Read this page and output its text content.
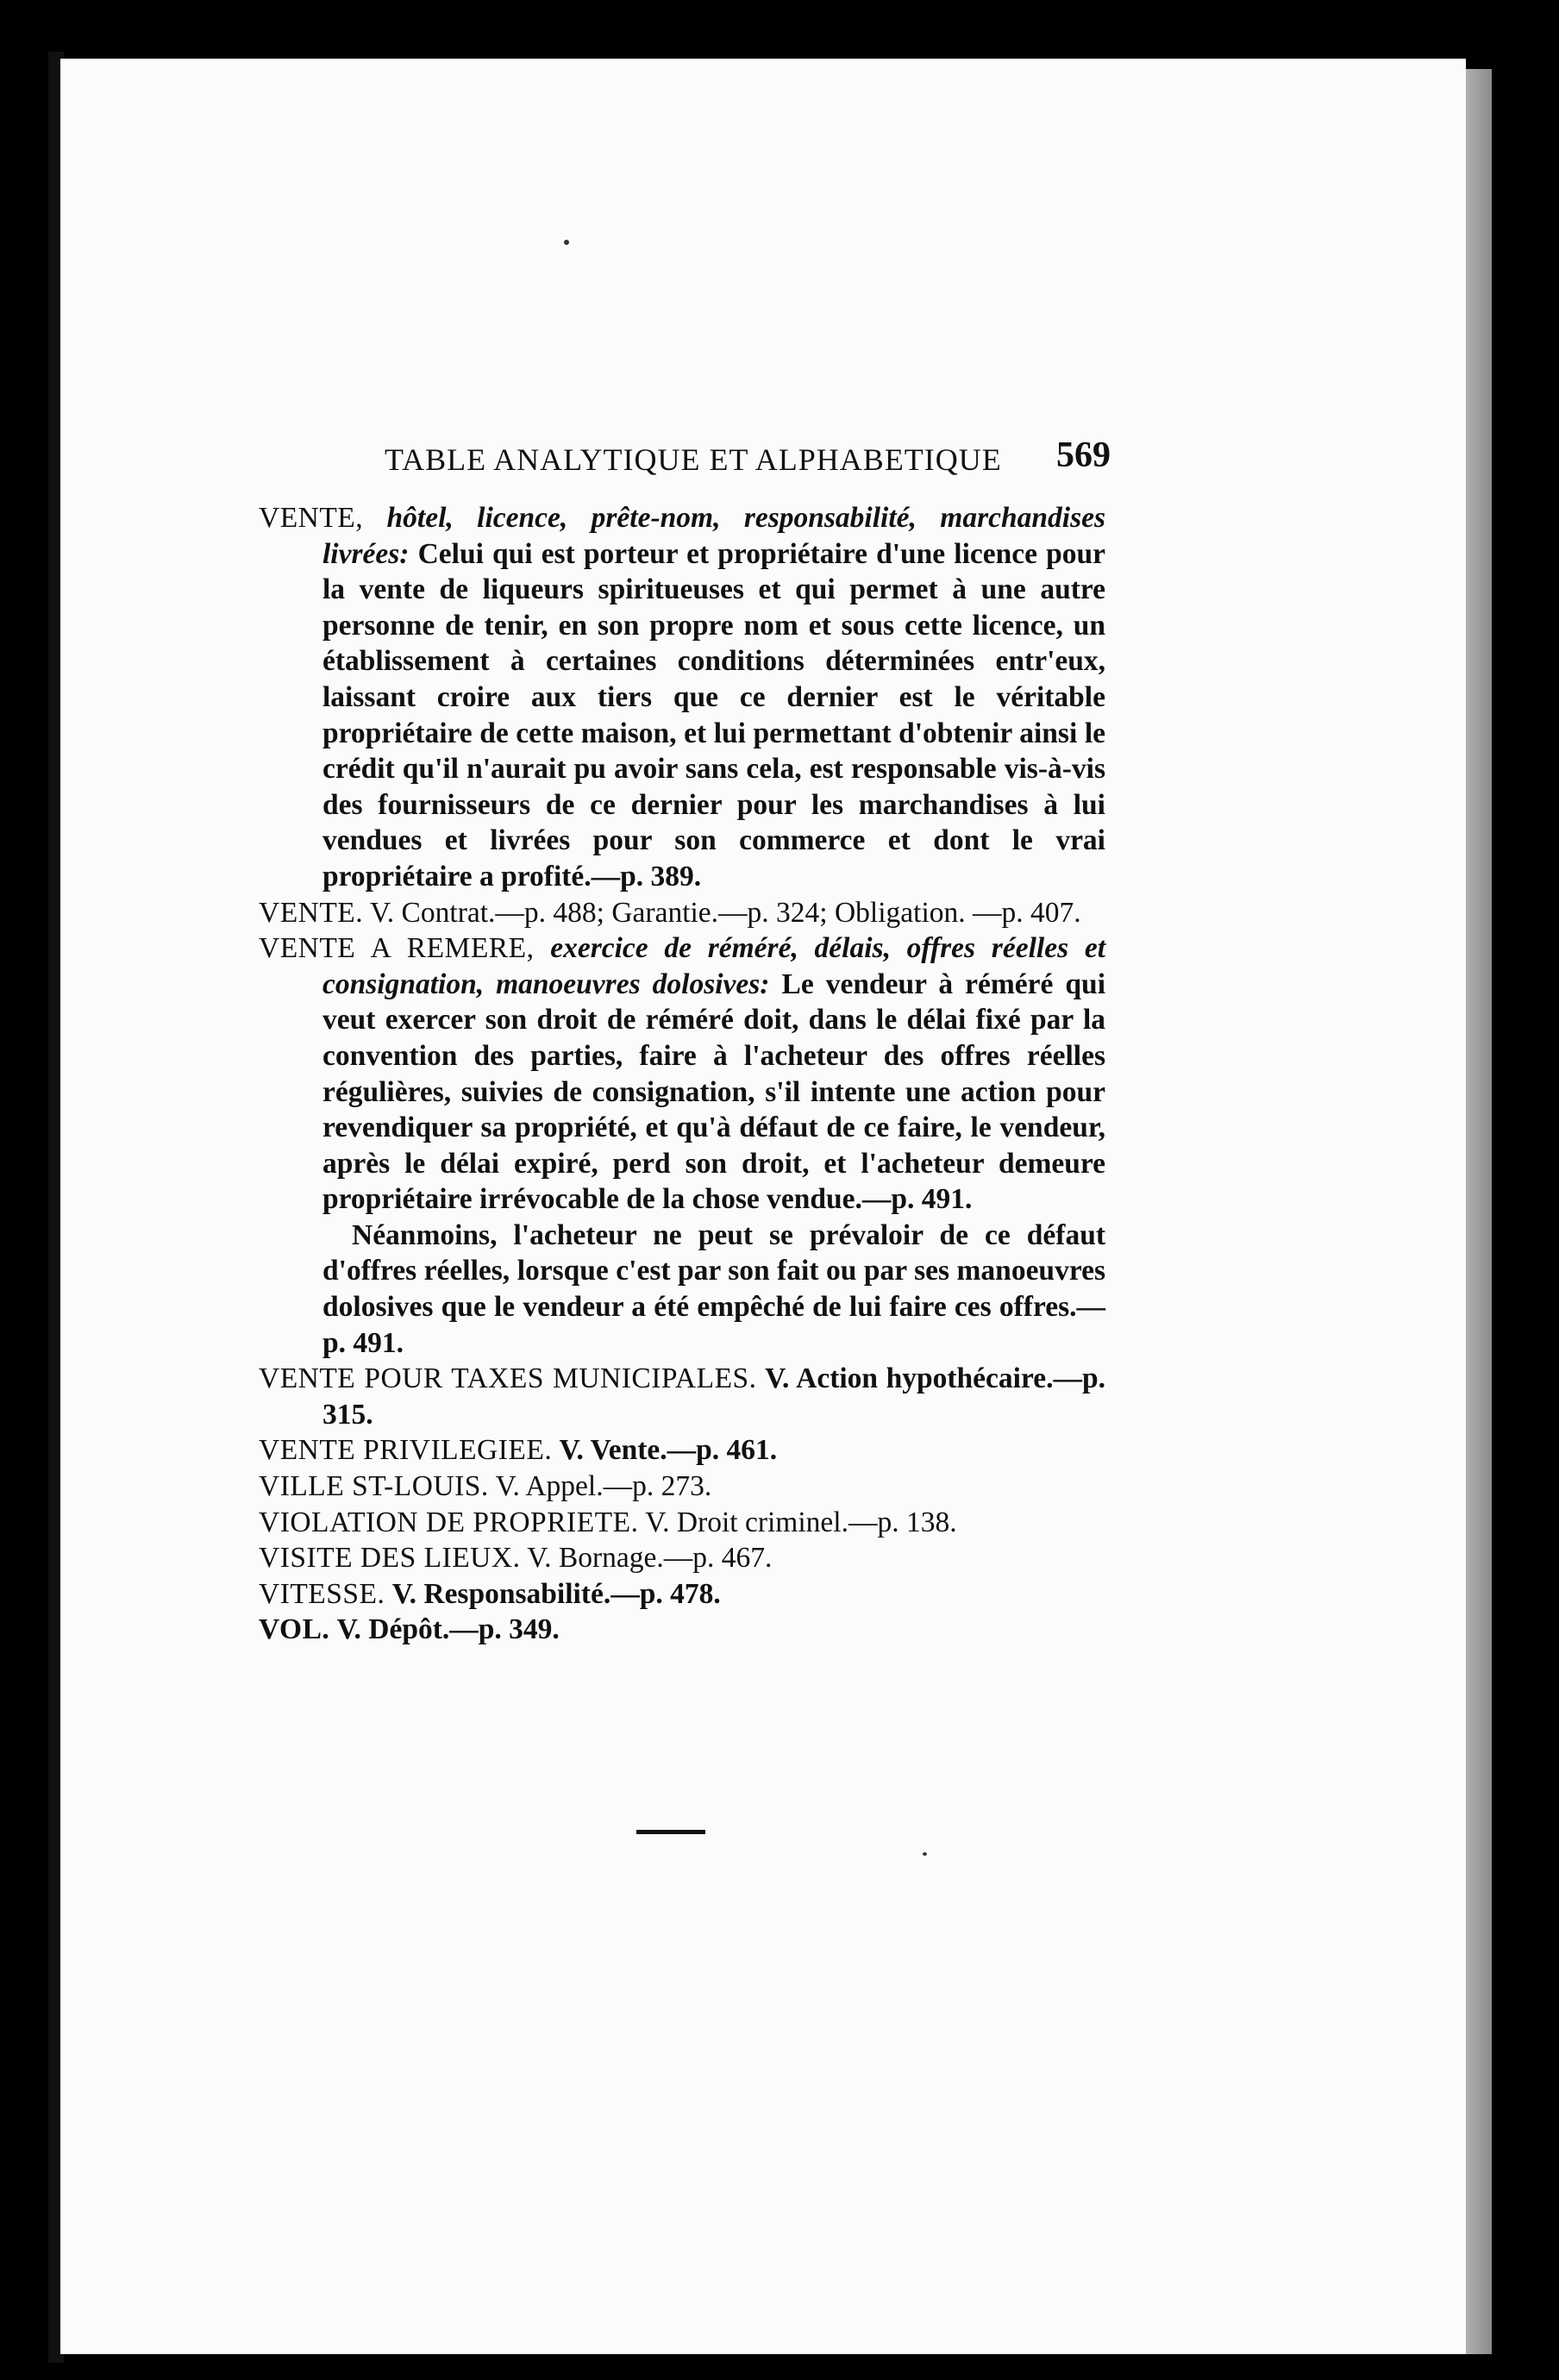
TABLE ANALYTIQUE ET ALPHABETIQUE 569

VENTE, hôtel, licence, prête-nom, responsabilité, marchandises livrées: Celui qui est porteur et propriétaire d'une licence pour la vente de liqueurs spiritueuses et qui permet à une autre personne de tenir, en son propre nom et sous cette licence, un établissement à certaines conditions déterminées entr'eux, laissant croire aux tiers que ce dernier est le véritable propriétaire de cette maison, et lui permettant d'obtenir ainsi le crédit qu'il n'aurait pu avoir sans cela, est responsable vis-à-vis des fournisseurs de ce dernier pour les marchandises à lui vendues et livrées pour son commerce et dont le vrai propriétaire a profité.—p. 389.

VENTE. V. Contrat.—p. 488; Garantie.—p. 324; Obligation. —p. 407.

VENTE A REMERE, exercice de réméré, délais, offres réelles et consignation, manoeuvres dolosives: Le vendeur à réméré qui veut exercer son droit de réméré doit, dans le délai fixé par la convention des parties, faire à l'acheteur des offres réelles régulières, suivies de consignation, s'il intente une action pour revendiquer sa propriété, et qu'à défaut de ce faire, le vendeur, après le délai expiré, perd son droit, et l'acheteur demeure propriétaire irrévocable de la chose vendue.—p. 491.

Néanmoins, l'acheteur ne peut se prévaloir de ce défaut d'offres réelles, lorsque c'est par son fait ou par ses manoeuvres dolosives que le vendeur a été empêché de lui faire ces offres.—p. 491.

VENTE POUR TAXES MUNICIPALES. V. Action hypothécaire.—p. 315.

VENTE PRIVILEGIEE. V. Vente.—p. 461.

VILLE ST-LOUIS. V. Appel.—p. 273.

VIOLATION DE PROPRIETE. V. Droit criminel.—p. 138.

VISITE DES LIEUX. V. Bornage.—p. 467.

VITESSE. V. Responsabilité.—p. 478.

VOL. V. Dépôt.—p. 349.
